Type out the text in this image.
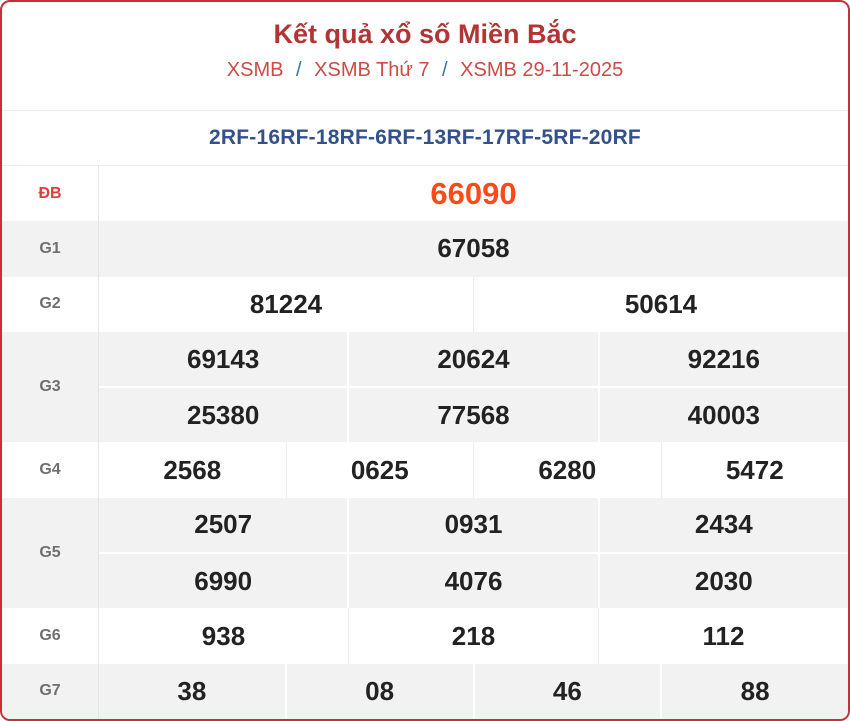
Kết quả xổ số Miền Bắc
XSMB / XSMB Thứ 7 / XSMB 29-11-2025
2RF-16RF-18RF-6RF-13RF-17RF-5RF-20RF
ĐB	66090
G1	67058
G2	81224	50614
G3
69143	20624	92216
25380	77568	40003
G4	2568	0625	6280	5472
G5
2507	0931	2434
6990	4076	2030
G6	938	218	112
G7	38	08	46	88
